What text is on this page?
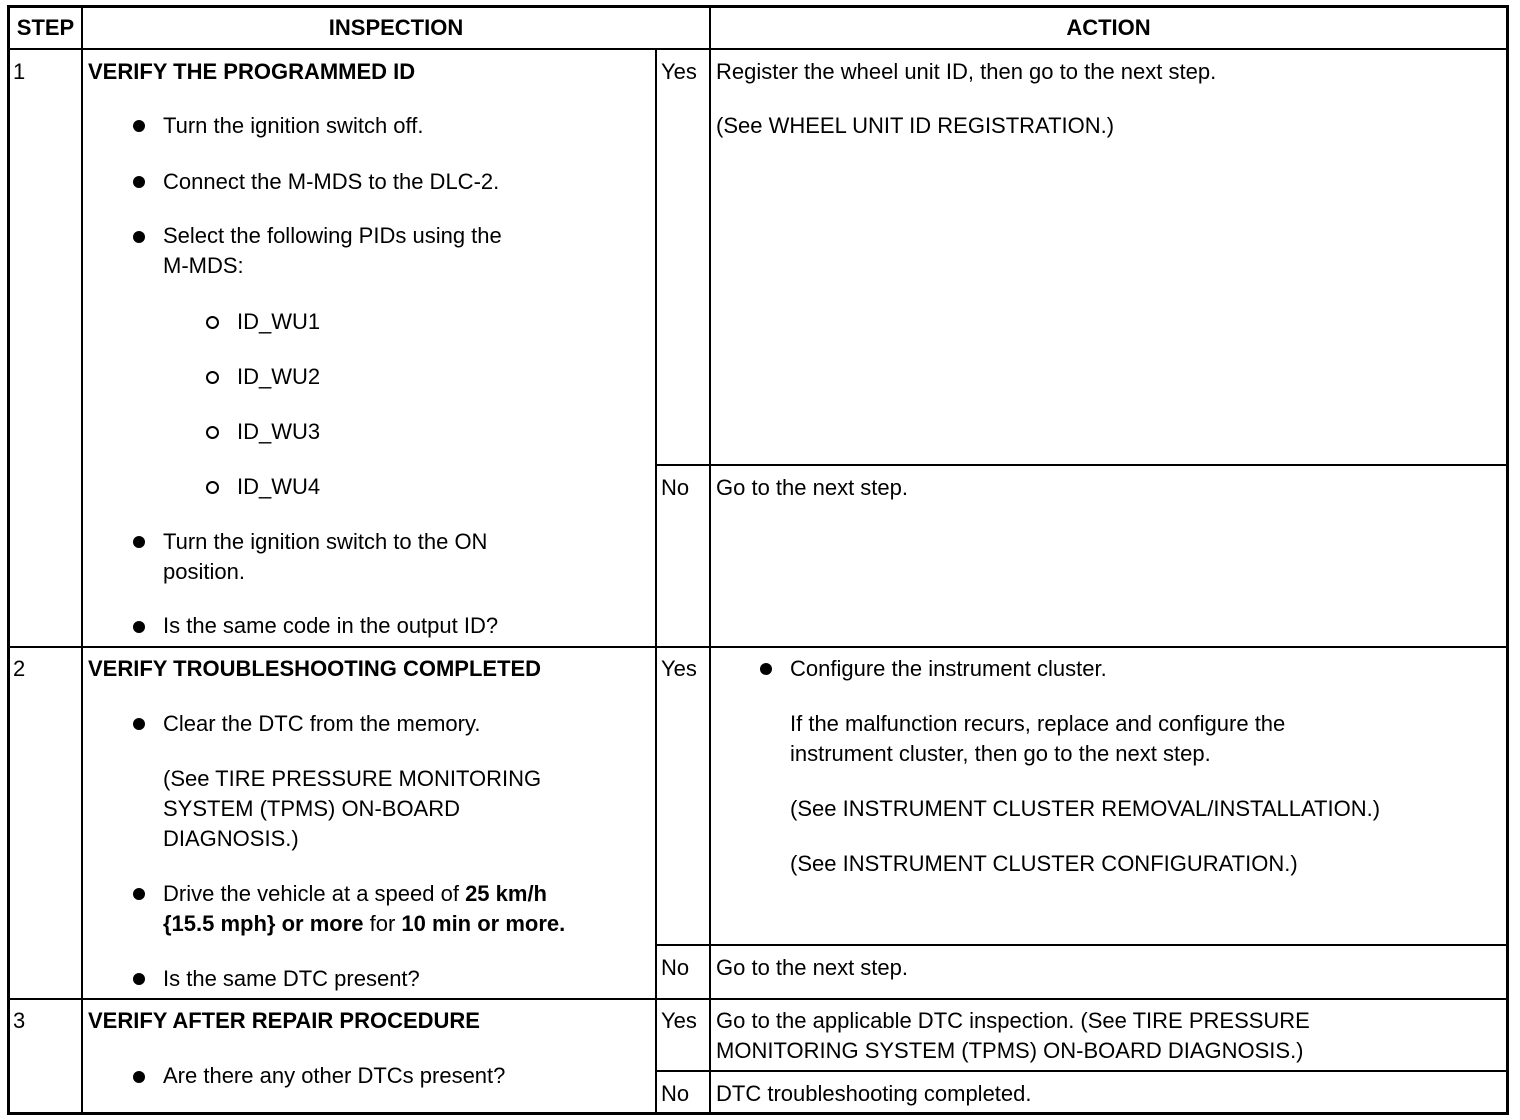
STEP	INSPECTION	ACTION
1	VERIFY THE PROGRAMMED ID
Turn the ignition switch off.
Connect the M-MDS to the DLC-2.
Select the following PIDs using the
M-MDS:
ID_WU1
ID_WU2
ID_WU3
ID_WU4
Turn the ignition switch to the ON
position.
Is the same code in the output ID?
Yes Register the wheel unit ID, then go to the next step.
(See WHEEL UNIT ID REGISTRATION.)
No Go to the next step.
2	VERIFY TROUBLESHOOTING COMPLETED
Clear the DTC from the memory.
(See TIRE PRESSURE MONITORING
SYSTEM (TPMS) ON-BOARD
DIAGNOSIS.)
Drive the vehicle at a speed of 25 km/h
{15.5 mph} or more for 10 min or more.
Is the same DTC present?
Yes	Configure the instrument cluster.
If the malfunction recurs, replace and configure the
instrument cluster, then go to the next step.
(See INSTRUMENT CLUSTER REMOVAL/INSTALLATION.)
(See INSTRUMENT CLUSTER CONFIGURATION.)
No Go to the next step.
3	VERIFY AFTER REPAIR PROCEDURE
Are there any other DTCs present?
Yes Go to the applicable DTC inspection. (See TIRE PRESSURE
MONITORING SYSTEM (TPMS) ON-BOARD DIAGNOSIS.)
No DTC troubleshooting completed.
